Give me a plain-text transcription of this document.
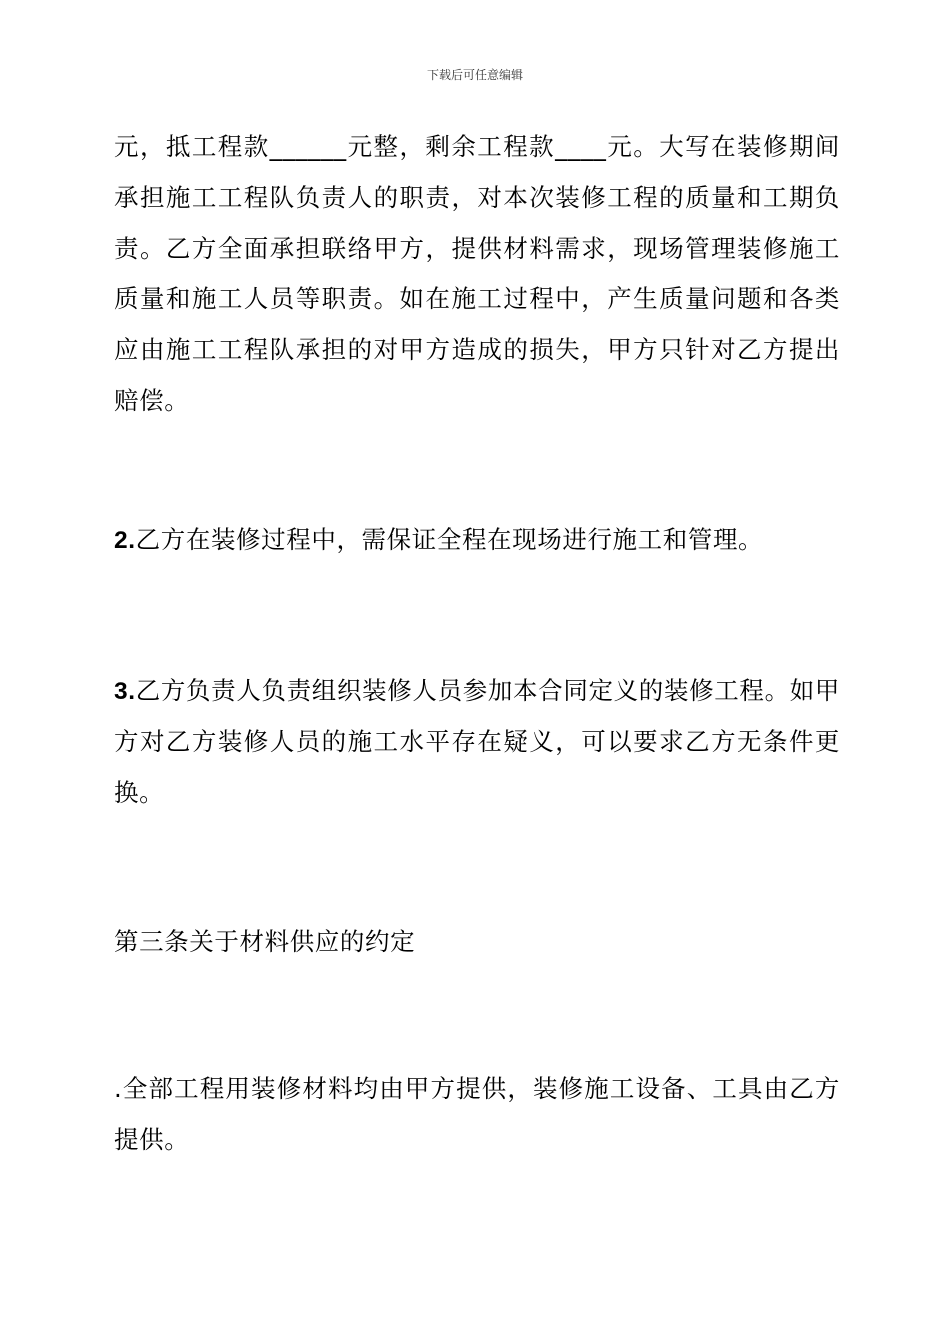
下载后可任意编辑

元，抵工程款______元整，剩余工程款____元。大写在装修期间承担施工工程队负责人的职责，对本次装修工程的质量和工期负责。乙方全面承担联络甲方，提供材料需求，现场管理装修施工质量和施工人员等职责。如在施工过程中，产生质量问题和各类应由施工工程队承担的对甲方造成的损失，甲方只针对乙方提出赔偿。

2.乙方在装修过程中，需保证全程在现场进行施工和管理。

3.乙方负责人负责组织装修人员参加本合同定义的装修工程。如甲方对乙方装修人员的施工水平存在疑义，可以要求乙方无条件更换。

第三条关于材料供应的约定

.全部工程用装修材料均由甲方提供，装修施工设备、工具由乙方提供。
